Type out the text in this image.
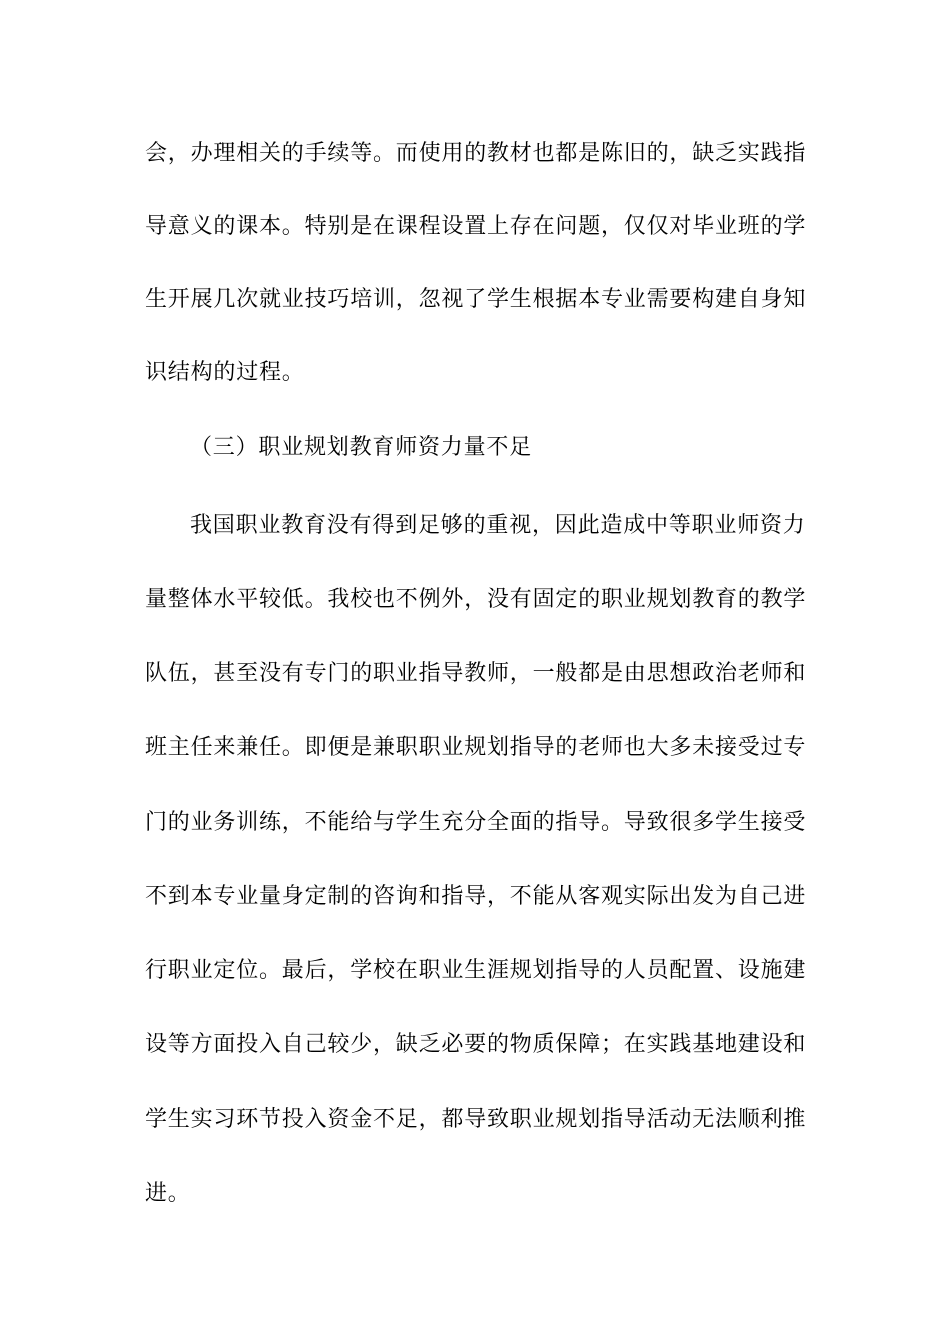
会，办理相关的手续等。而使用的教材也都是陈旧的，缺乏实践指
导意义的课本。特别是在课程设置上存在问题，仅仅对毕业班的学
生开展几次就业技巧培训，忽视了学生根据本专业需要构建自身知
识结构的过程。
（三）职业规划教育师资力量不足
我国职业教育没有得到足够的重视，因此造成中等职业师资力
量整体水平较低。我校也不例外，没有固定的职业规划教育的教学
队伍，甚至没有专门的职业指导教师，一般都是由思想政治老师和
班主任来兼任。即便是兼职职业规划指导的老师也大多未接受过专
门的业务训练，不能给与学生充分全面的指导。导致很多学生接受
不到本专业量身定制的咨询和指导，不能从客观实际出发为自己进
行职业定位。最后，学校在职业生涯规划指导的人员配置、设施建
设等方面投入自己较少，缺乏必要的物质保障；在实践基地建设和
学生实习环节投入资金不足，都导致职业规划指导活动无法顺利推
进。
